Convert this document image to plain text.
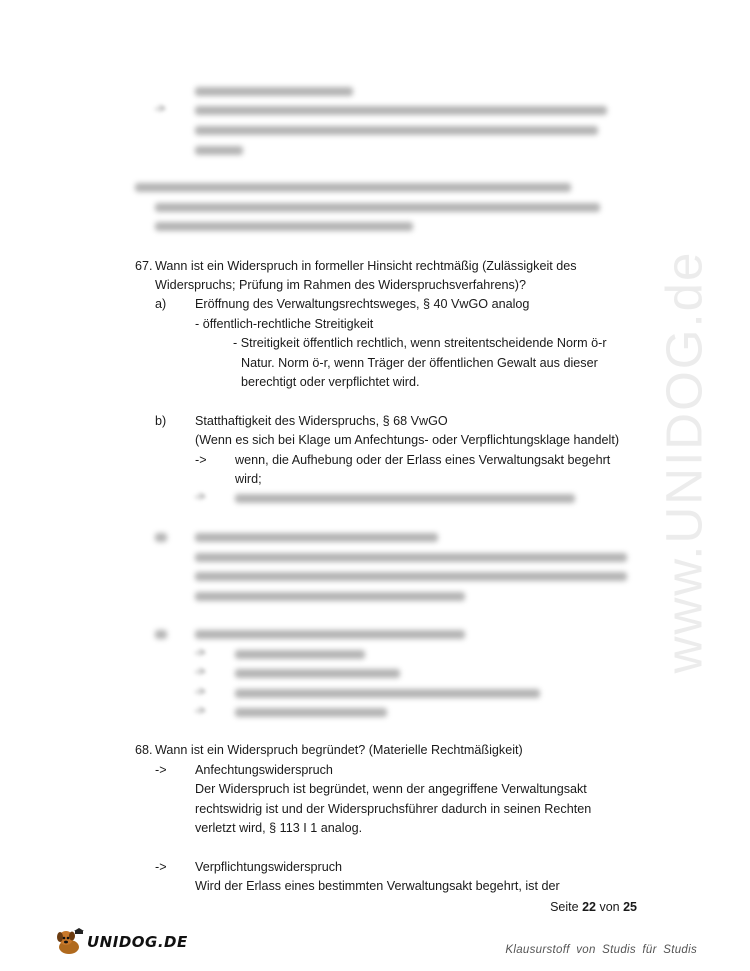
www.UNIDOG.de
->
67. Wann ist ein Widerspruch in formeller Hinsicht rechtmäßig (Zulässigkeit des
Widerspruchs; Prüfung im Rahmen des Widerspruchsverfahrens)?
a) Eröffnung des Verwaltungsrechtsweges, § 40 VwGO analog
- öffentlich-rechtliche Streitigkeit
- Streitigkeit öffentlich rechtlich, wenn streitentscheidende Norm ö-r
Natur. Norm ö-r, wenn Träger der öffentlichen Gewalt aus dieser
berechtigt oder verpflichtet wird.
b) Statthaftigkeit des Widerspruchs, § 68 VwGO
(Wenn es sich bei Klage um Anfechtungs- oder Verpflichtungsklage handelt)
-> wenn, die Aufhebung oder der Erlass eines Verwaltungsakt begehrt
wird;
->
->
->
->
->
68. Wann ist ein Widerspruch begründet? (Materielle Rechtmäßigkeit)
-> Anfechtungswiderspruch
Der Widerspruch ist begründet, wenn der angegriffene Verwaltungsakt
rechtswidrig ist und der Widerspruchsführer dadurch in seinen Rechten
verletzt wird, § 113 I 1 analog.
-> Verpflichtungswiderspruch
Wird der Erlass eines bestimmten Verwaltungsakt begehrt, ist der
Seite 22 von 25
UNIDOG.DE	Klausurstoff von Studis für Studis
